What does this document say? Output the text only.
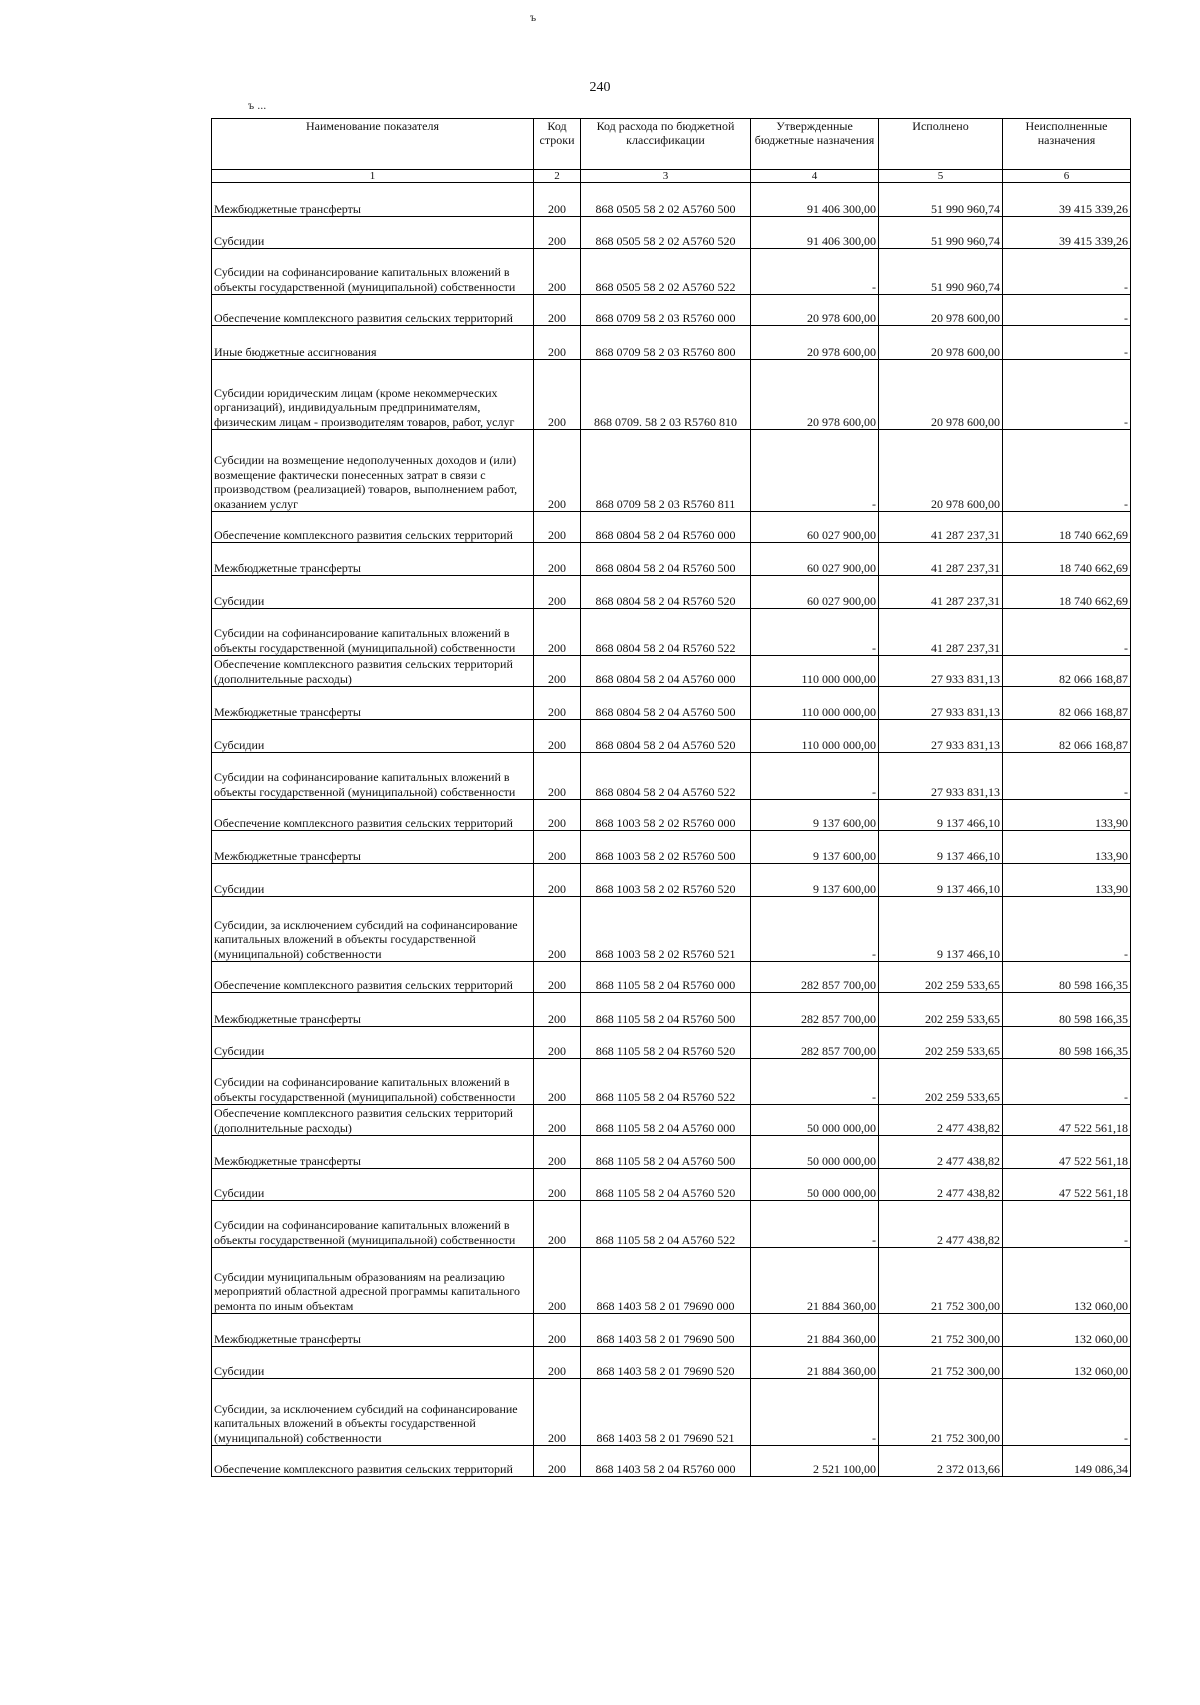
240
ъ
ъ ...
Наименование показателя	Код строки	Код расхода по бюджетной классификации	Утвержденные бюджетные назначения	Исполнено	Неисполненные назначения
1	2	3	4	5	6
Межбюджетные трансферты	200	868 0505 58 2 02 A5760 500	91 406 300,00	51 990 960,74	39 415 339,26
Субсидии	200	868 0505 58 2 02 A5760 520	91 406 300,00	51 990 960,74	39 415 339,26
Субсидии на софинансирование капитальных вложений в объекты государственной (муниципальной) собственности	200	868 0505 58 2 02 A5760 522	-	51 990 960,74	-
Обеспечение комплексного развития сельских территорий	200	868 0709 58 2 03 R5760 000	20 978 600,00	20 978 600,00	-
Иные бюджетные ассигнования	200	868 0709 58 2 03 R5760 800	20 978 600,00	20 978 600,00	-
Субсидии юридическим лицам (кроме некоммерческих организаций), индивидуальным предпринимателям, физическим лицам - производителям товаров, работ, услуг	200	868 0709. 58 2 03 R5760 810	20 978 600,00	20 978 600,00	-
Субсидии на возмещение недополученных доходов и (или) возмещение фактически понесенных затрат в связи с производством (реализацией) товаров, выполнением работ, оказанием услуг	200	868 0709 58 2 03 R5760 811	-	20 978 600,00	-
Обеспечение комплексного развития сельских территорий	200	868 0804 58 2 04 R5760 000	60 027 900,00	41 287 237,31	18 740 662,69
Межбюджетные трансферты	200	868 0804 58 2 04 R5760 500	60 027 900,00	41 287 237,31	18 740 662,69
Субсидии	200	868 0804 58 2 04 R5760 520	60 027 900,00	41 287 237,31	18 740 662,69
Субсидии на софинансирование капитальных вложений в объекты государственной (муниципальной) собственности	200	868 0804 58 2 04 R5760 522	-	41 287 237,31	-
Обеспечение комплексного развития сельских территорий (дополнительные расходы)	200	868 0804 58 2 04 A5760 000	110 000 000,00	27 933 831,13	82 066 168,87
Межбюджетные трансферты	200	868 0804 58 2 04 A5760 500	110 000 000,00	27 933 831,13	82 066 168,87
Субсидии	200	868 0804 58 2 04 A5760 520	110 000 000,00	27 933 831,13	82 066 168,87
Субсидии на софинансирование капитальных вложений в объекты государственной (муниципальной) собственности	200	868 0804 58 2 04 A5760 522	-	27 933 831,13	-
Обеспечение комплексного развития сельских территорий	200	868 1003 58 2 02 R5760 000	9 137 600,00	9 137 466,10	133,90
Межбюджетные трансферты	200	868 1003 58 2 02 R5760 500	9 137 600,00	9 137 466,10	133,90
Субсидии	200	868 1003 58 2 02 R5760 520	9 137 600,00	9 137 466,10	133,90
Субсидии, за исключением субсидий на софинансирование капитальных вложений в объекты государственной (муниципальной) собственности	200	868 1003 58 2 02 R5760 521	-	9 137 466,10	-
Обеспечение комплексного развития сельских территорий	200	868 1105 58 2 04 R5760 000	282 857 700,00	202 259 533,65	80 598 166,35
Межбюджетные трансферты	200	868 1105 58 2 04 R5760 500	282 857 700,00	202 259 533,65	80 598 166,35
Субсидии	200	868 1105 58 2 04 R5760 520	282 857 700,00	202 259 533,65	80 598 166,35
Субсидии на софинансирование капитальных вложений в объекты государственной (муниципальной) собственности	200	868 1105 58 2 04 R5760 522	-	202 259 533,65	-
Обеспечение комплексного развития сельских территорий (дополнительные расходы)	200	868 1105 58 2 04 A5760 000	50 000 000,00	2 477 438,82	47 522 561,18
Межбюджетные трансферты	200	868 1105 58 2 04 A5760 500	50 000 000,00	2 477 438,82	47 522 561,18
Субсидии	200	868 1105 58 2 04 A5760 520	50 000 000,00	2 477 438,82	47 522 561,18
Субсидии на софинансирование капитальных вложений в объекты государственной (муниципальной) собственности	200	868 1105 58 2 04 A5760 522	-	2 477 438,82	-
Субсидии муниципальным образованиям на реализацию мероприятий областной адресной программы капитального ремонта по иным объектам	200	868 1403 58 2 01 79690 000	21 884 360,00	21 752 300,00	132 060,00
Межбюджетные трансферты	200	868 1403 58 2 01 79690 500	21 884 360,00	21 752 300,00	132 060,00
Субсидии	200	868 1403 58 2 01 79690 520	21 884 360,00	21 752 300,00	132 060,00
Субсидии, за исключением субсидий на софинансирование капитальных вложений в объекты государственной (муниципальной) собственности	200	868 1403 58 2 01 79690 521	-	21 752 300,00	-
Обеспечение комплексного развития сельских территорий	200	868 1403 58 2 04 R5760 000	2 521 100,00	2 372 013,66	149 086,34
